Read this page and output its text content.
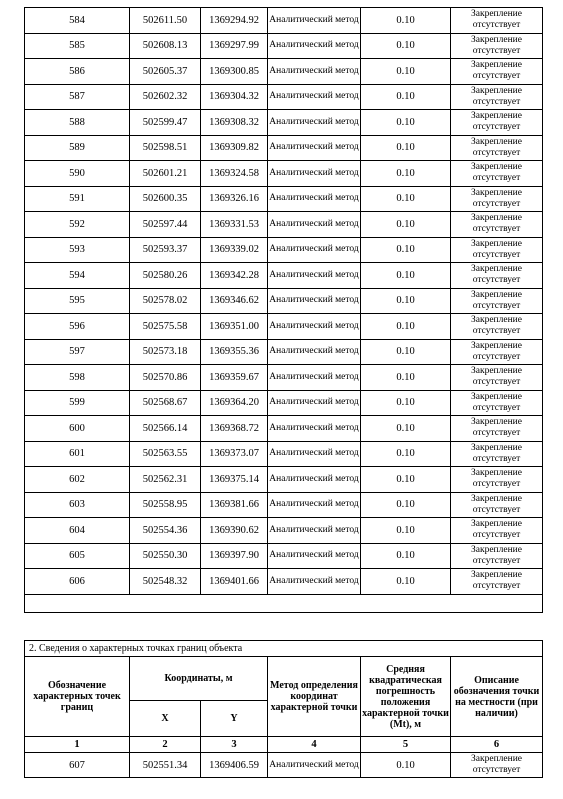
584	502611.50	1369294.92	Аналитический метод	0.10	Закрепление отсутствует
585	502608.13	1369297.99	Аналитический метод	0.10	Закрепление отсутствует
586	502605.37	1369300.85	Аналитический метод	0.10	Закрепление отсутствует
587	502602.32	1369304.32	Аналитический метод	0.10	Закрепление отсутствует
588	502599.47	1369308.32	Аналитический метод	0.10	Закрепление отсутствует
589	502598.51	1369309.82	Аналитический метод	0.10	Закрепление отсутствует
590	502601.21	1369324.58	Аналитический метод	0.10	Закрепление отсутствует
591	502600.35	1369326.16	Аналитический метод	0.10	Закрепление отсутствует
592	502597.44	1369331.53	Аналитический метод	0.10	Закрепление отсутствует
593	502593.37	1369339.02	Аналитический метод	0.10	Закрепление отсутствует
594	502580.26	1369342.28	Аналитический метод	0.10	Закрепление отсутствует
595	502578.02	1369346.62	Аналитический метод	0.10	Закрепление отсутствует
596	502575.58	1369351.00	Аналитический метод	0.10	Закрепление отсутствует
597	502573.18	1369355.36	Аналитический метод	0.10	Закрепление отсутствует
598	502570.86	1369359.67	Аналитический метод	0.10	Закрепление отсутствует
599	502568.67	1369364.20	Аналитический метод	0.10	Закрепление отсутствует
600	502566.14	1369368.72	Аналитический метод	0.10	Закрепление отсутствует
601	502563.55	1369373.07	Аналитический метод	0.10	Закрепление отсутствует
602	502562.31	1369375.14	Аналитический метод	0.10	Закрепление отсутствует
603	502558.95	1369381.66	Аналитический метод	0.10	Закрепление отсутствует
604	502554.36	1369390.62	Аналитический метод	0.10	Закрепление отсутствует
605	502550.30	1369397.90	Аналитический метод	0.10	Закрепление отсутствует
606	502548.32	1369401.66	Аналитический метод	0.10	Закрепление отсутствует

2. Сведения о характерных точках границ объекта					
Обозначение характерных точек границ	Координаты, м		Метод определения координат характерной точки	Средняя квадратическая погрешность положения характерной точки (Mt), м	Описание обозначения точки на местности (при наличии)
	X	Y			
1	2	3	4	5	6
607	502551.34	1369406.59	Аналитический метод	0.10	Закрепление отсутствует
